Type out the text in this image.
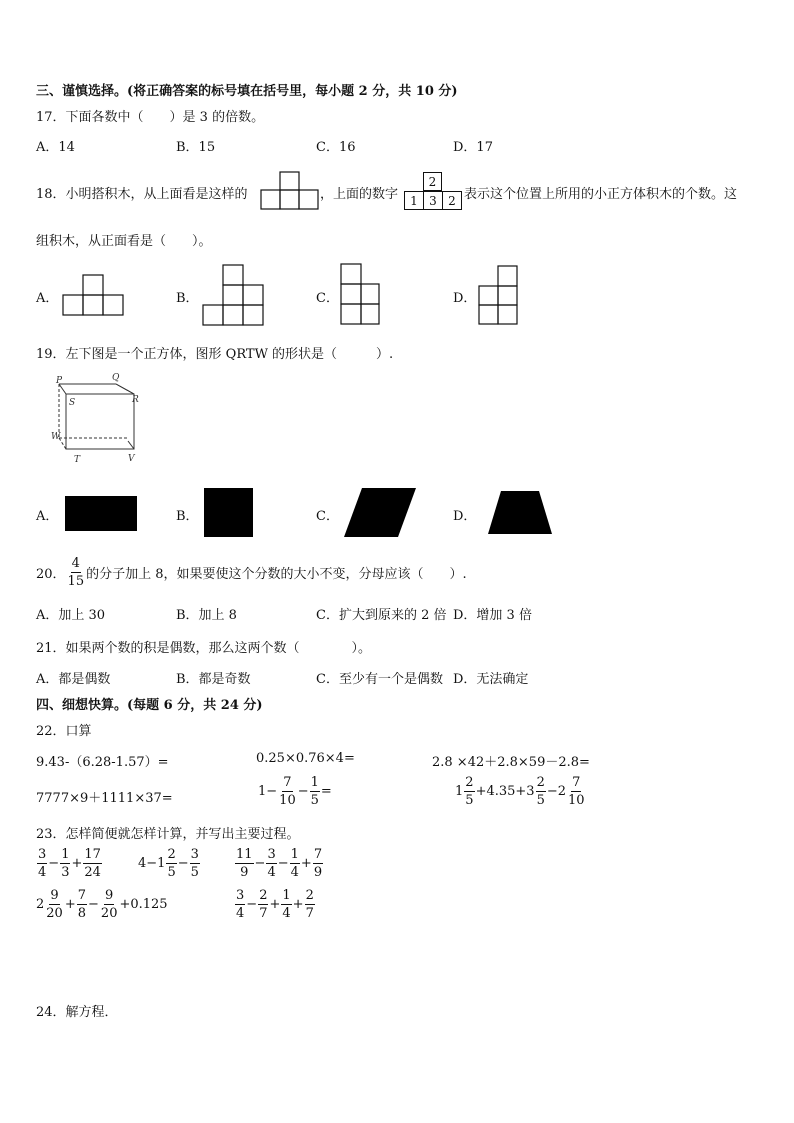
三、谨慎选择。(将正确答案的标号填在括号里，每小题 2 分，共 10 分)
17．下面各数中（　　）是 3 的倍数。
A．14	B．15	C．16	D．17
18．小明搭积木，从上面看是这样的	，上面的数字
2
1 3 2 表示这个位置上所用的小正方体积木的个数。这
组积木，从正面看是（　　）。
A．	B．	C．	D．
19．左下图是一个正方体，图形 QRTW 的形状是（　　　）.
P	Q
S	R
W
T	V
A．	B．	C．	D．
20． $\frac{4}{15}$ 的分子加上 8，如果要使这个分数的大小不变，分母应该（　　）.
A．加上 30	B．加上 8	C．扩大到原来的 2 倍 D．增加 3 倍
21．如果两个数的积是偶数，那么这两个数（　　　　）。
A．都是偶数	B．都是奇数	C．至少有一个是偶数 D．无法确定
四、细想快算。(每题 6 分，共 24 分)
22．口算
9.43-（6.28-1.57）=	0.25×0.76×4=	2.8 ×42＋2.8×59－2.8=
7777×9＋1111×37=	$1- \frac{7}{10} - \frac{1}{5}$ =	$1 \frac{2}{5} +4.35+3 \frac{2}{5} -2 \frac{7}{10}$
23．怎样简便就怎样计算，并写出主要过程。
$\frac{3}{4} - \frac{1}{3} + \frac{17}{24}$	$4-1 \frac{2}{5} - \frac{3}{5}$	$\frac{11}{9} - \frac{3}{4} - \frac{1}{4} + \frac{7}{9}$
$2 \frac{9}{20} + \frac{7}{8} - \frac{9}{20} +0.125$	$\frac{3}{4} - \frac{2}{7} + \frac{1}{4} + \frac{2}{7}$
24．解方程．
